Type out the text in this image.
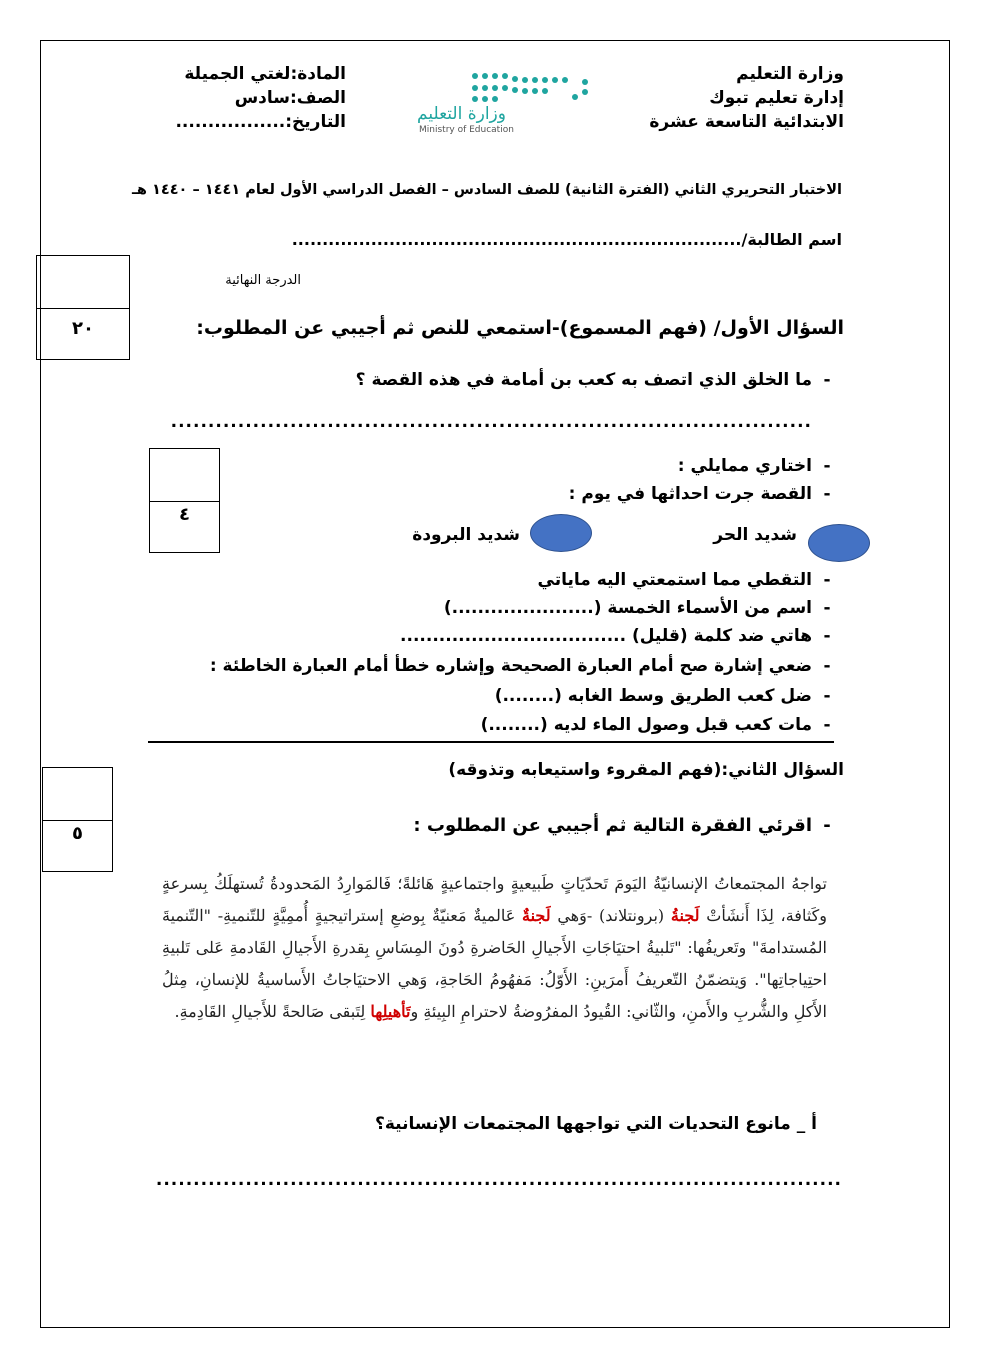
وزارة التعليم
إدارة تعليم تبوك
الابتدائية التاسعة عشرة
وزارة التعليم
Ministry of Education
المادة:لغتي الجميلة
الصف:سادس
التاريخ:.................
الاختبار التحريري الثاني (الفترة الثانية) للصف السادس – الفصل الدراسي الأول لعام ١٤٤١ – ١٤٤٠ هـ
اسم الطالبة/..........................................................................
٢٠
الدرجة النهائية
السؤال الأول/ (فهم المسموع)-استمعي للنص ثم أجيبي عن المطلوب:
-ما الخلق الذي اتصف به كعب بن أمامة في هذه القصة ؟
......................................................................................
٤
-اختاري ممايلي :
-القصة جرت احداثها في يوم :
شديد الحر
شديد البرودة
-التقطي مما استمعتي اليه مایاتي
-اسم من الأسماء الخمسة (......................)
-هاتي ضد كلمة (قليل) ...................................
-ضعي إشارة صح أمام العبارة الصحيحة وإشاره خطأ أمام العبارة الخاطئة :
-ضل كعب الطريق وسط الغابه (........)
-مات كعب قبل وصول الماء لديه (........)
٥
السؤال الثاني:(فهم المقروء واستيعابه وتذوقه)
-اقرئي الفقرة التالية ثم أجيبي عن المطلوب :
تواجهُ المجتمعاتُ الإنسانيّةُ اليَومَ تَحدّيَاتٍ طَبيعيةٍ واجتماعيةٍ هَائلةً؛ فَالمَوارِدُ المَحدودةُ تُستهلَكُ بِسرعةٍ وكَثافة، لِذَا أَنشَأتْ لَجنةُ (برونتلاند) -وَهي لَجنةٌ عَالميةٌ مَعنيّةٌ بِوضعِ إستراتيجيةٍ أُممِيَّةٍ للتّنميةِ- "التّنميةَ المُستدامةَ" وتَعريفُها: "تَلبيةُ احتيَاجَاتِ الأَجيالِ الحَاضرةِ دُونَ المِسَاسِ بِقدرةِ الأَجيالِ القَادمةِ عَلى تَلبيةِ احتِياجاتِها". وَيتضمّنُ التّعريفُ أَمرَينِ: الأَوّلُ: مَفهُومُ الحَاجةِ، وَهي الاحتيَاجاتُ الأَساسيةُ للإنسانِ، مِثلُ الأَكلِ والشُّربِ والأَمنِ، والثّاني: القُيودُ المفرُوضةُ لاحترامِ البِيئةِ وتَأهيلِها لِتَبقى صَالحةً للأَجيالِ القَادِمةِ.
أ _ مانوع التحديات التي تواجهها المجتمعات الإنسانية؟
............................................................................................
